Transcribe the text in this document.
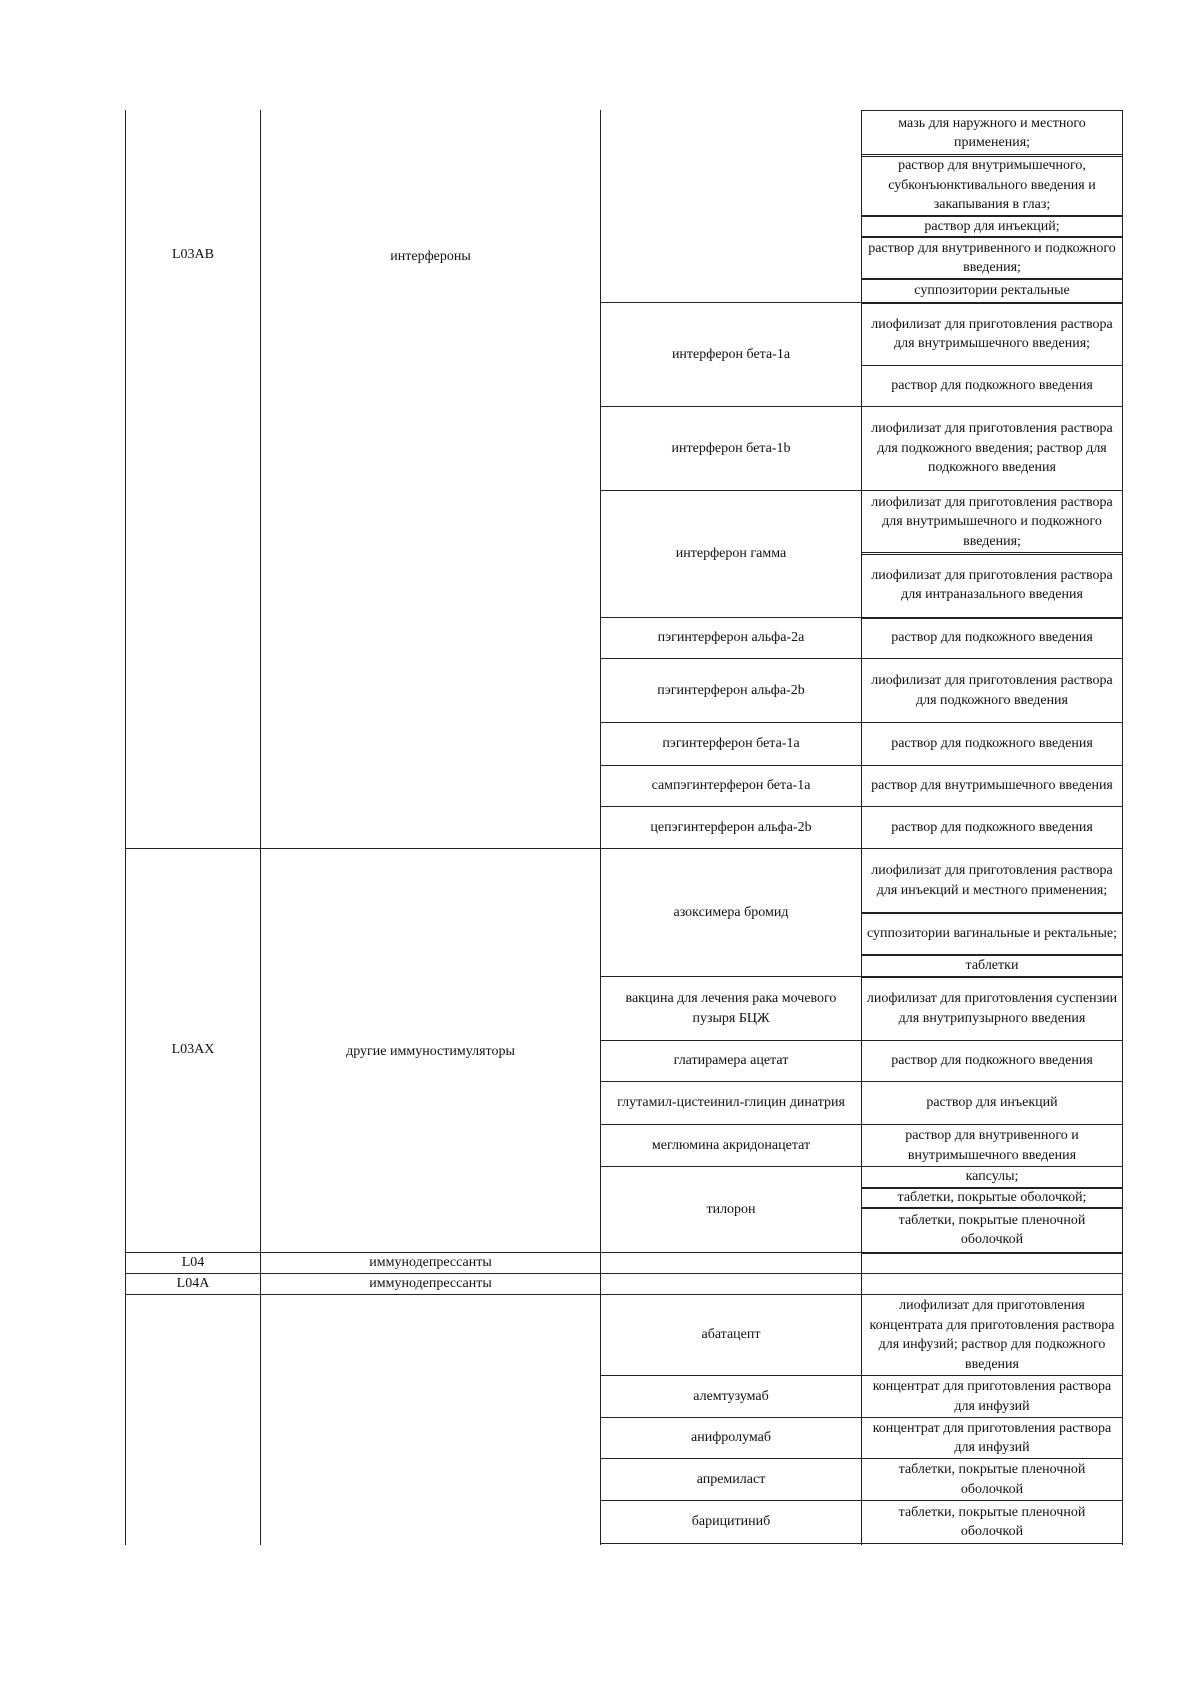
L03AB
L03AX
L04
L04A
интерфероны
другие иммуностимуляторы
иммунодепрессанты
иммунодепрессанты
интерферон бета-1a
интерферон бета-1b
интерферон гамма
пэгинтерферон альфа-2a
пэгинтерферон альфа-2b
пэгинтерферон бета-1a
сампэгинтерферон бета-1a
цепэгинтерферон альфа-2b
азоксимера бромид
вакцина для лечения рака мочевого пузыря БЦЖ
глатирамера ацетат
глутамил-цистеинил-глицин динатрия
меглюмина акридонацетат
тилорон
абатацепт
алемтузумаб
анифролумаб
апремиласт
барицитиниб
мазь для наружного и местного применения;
раствор для внутримышечного, субконъюнктивального введения и закапывания в глаз;
раствор для инъекций;
раствор для внутривенного и подкожного введения;
суппозитории ректальные
лиофилизат для приготовления раствора для внутримышечного введения;
раствор для подкожного введения
лиофилизат для приготовления раствора для подкожного введения; раствор для подкожного введения
лиофилизат для приготовления раствора для внутримышечного и подкожного введения;
лиофилизат для приготовления раствора для интраназального введения
раствор для подкожного введения
лиофилизат для приготовления раствора для подкожного введения
раствор для подкожного введения
раствор для внутримышечного введения
раствор для подкожного введения
лиофилизат для приготовления раствора для инъекций и местного применения;
суппозитории вагинальные и ректальные;
таблетки
лиофилизат для приготовления суспензии для внутрипузырного введения
раствор для подкожного введения
раствор для инъекций
раствор для внутривенного и внутримышечного введения
капсулы;
таблетки, покрытые оболочкой;
таблетки, покрытые пленочной оболочкой
лиофилизат для приготовления концентрата для приготовления раствора для инфузий; раствор для подкожного введения
концентрат для приготовления раствора для инфузий
концентрат для приготовления раствора для инфузий
таблетки, покрытые пленочной оболочкой
таблетки, покрытые пленочной оболочкой
